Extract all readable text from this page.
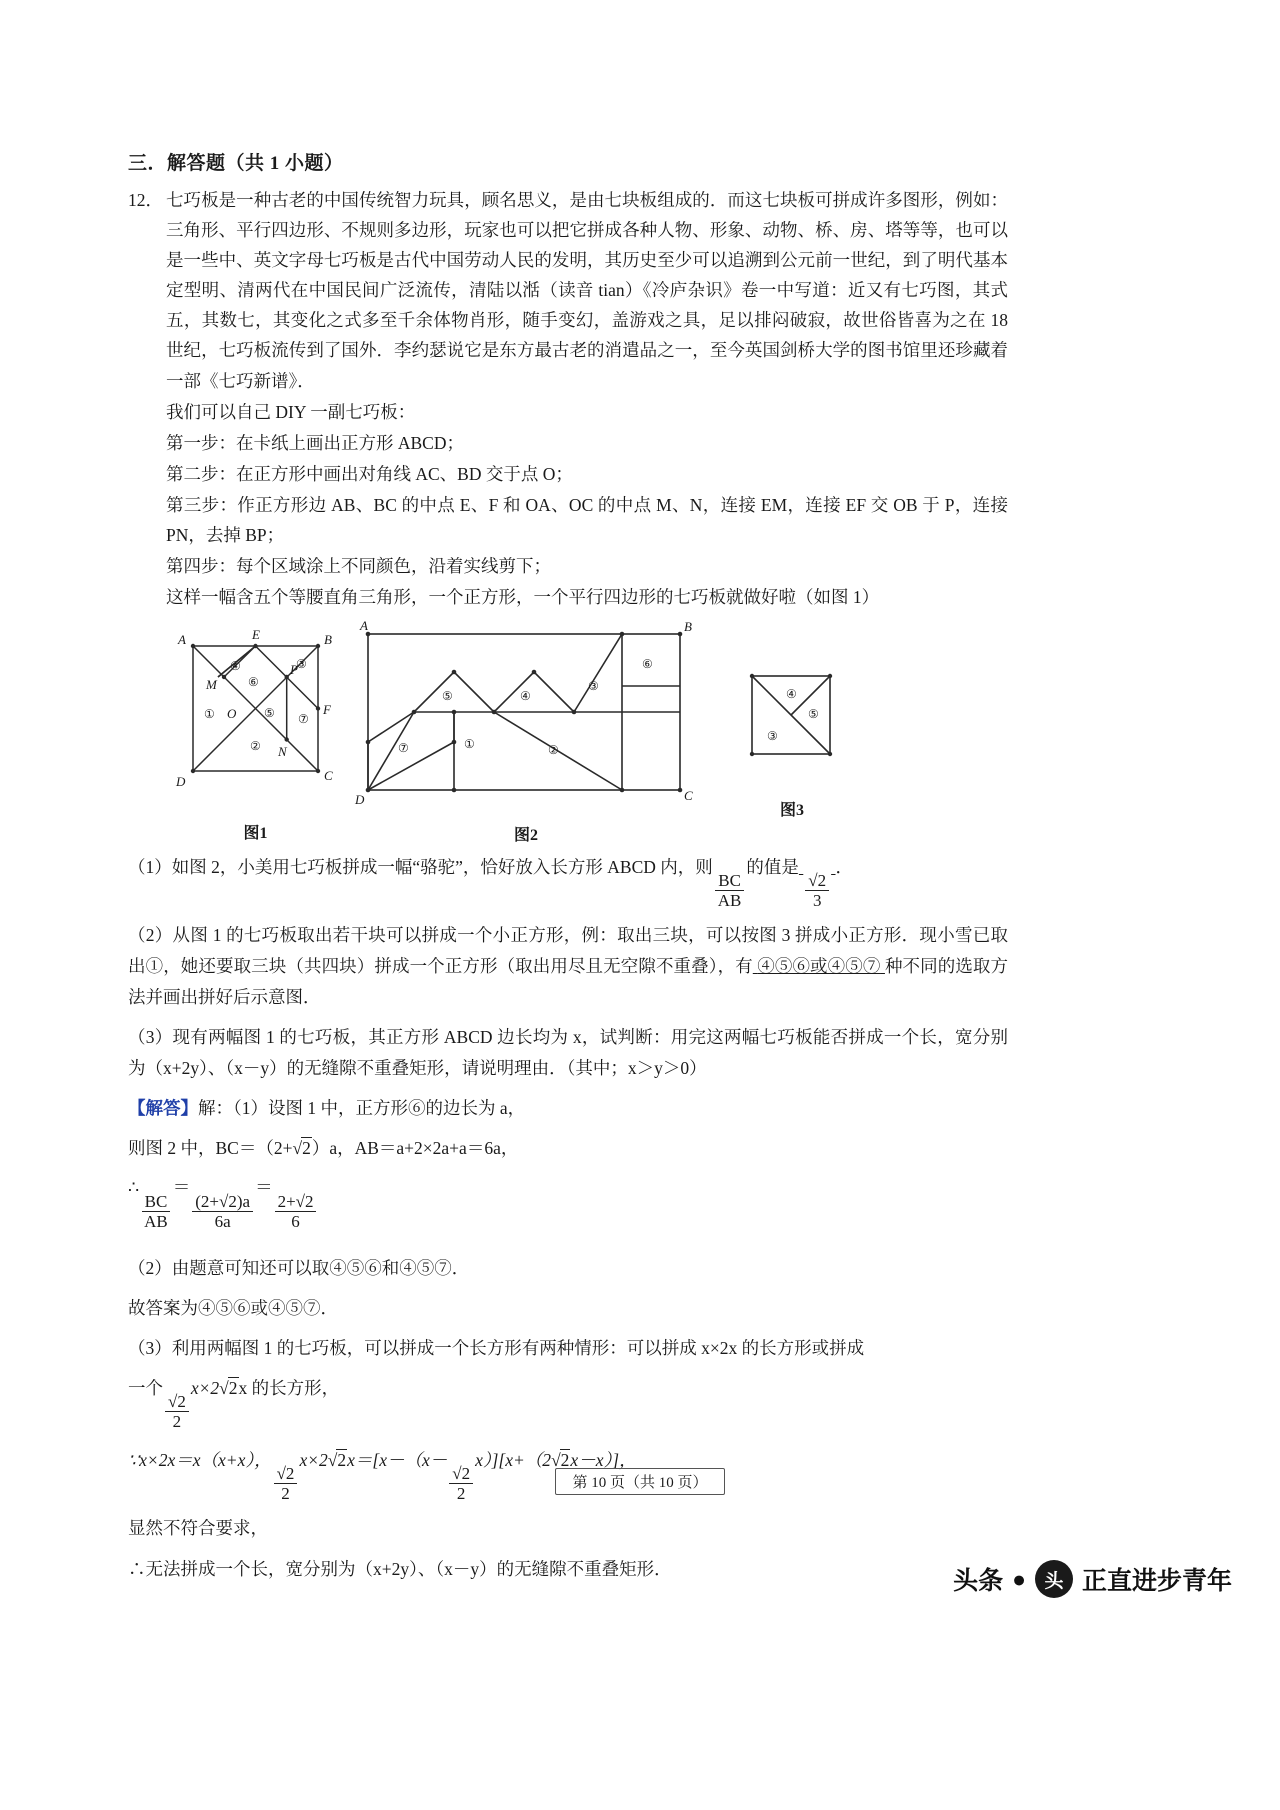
三．解答题（共 1 小题）
12． 七巧板是一种古老的中国传统智力玩具，顾名思义，是由七块板组成的．而这七块板可拼成许多图形，例如：三角形、平行四边形、不规则多边形，玩家也可以把它拼成各种人物、形象、动物、桥、房、塔等等，也可以是一些中、英文字母七巧板是古代中国劳动人民的发明，其历史至少可以追溯到公元前一世纪，到了明代基本定型明、清两代在中国民间广泛流传，清陆以湉（读音 tian）《冷庐杂识》卷一中写道：近又有七巧图，其式五，其数七，其变化之式多至千余体物肖形，随手变幻，盖游戏之具，足以排闷破寂，故世俗皆喜为之在 18 世纪，七巧板流传到了国外．李约瑟说它是东方最古老的消遣品之一，至今英国剑桥大学的图书馆里还珍藏着一部《七巧新谱》．
我们可以自己 DIY 一副七巧板：
第一步：在卡纸上画出正方形 ABCD；
第二步：在正方形中画出对角线 AC、BD 交于点 O；
第三步：作正方形边 AB、BC 的中点 E、F 和 OA、OC 的中点 M、N，连接 EM，连接 EF 交 OB 于 P，连接 PN，去掉 BP；
第四步：每个区域涂上不同颜色，沿着实线剪下；
这样一幅含五个等腰直角三角形，一个正方形，一个平行四边形的七巧板就做好啦（如图 1）
A	B
C
D
E
F
M
P
O
N
①
②
③
④
⑤
⑥
⑦
图1
A	B
C
D
①	②
③
④
⑤
⑥
⑦
图2
③
④
⑤
图3
（1）如图 2，小美用七巧板拼成一幅“骆驼”，恰好放入长方形 ABCD 内，则
$\frac{BC}{AB}$
的值是
$\frac{√2}{3}$
．
（2）从图 1 的七巧板取出若干块可以拼成一个小正方形，例：取出三块，可以按图 3 拼成小正方形．现小雪已取出①，她还要取三块（共四块）拼成一个正方形（取出用尽且无空隙不重叠），有 ④⑤⑥或④⑤⑦ 种不同的选取方法并画出拼好后示意图．
（3）现有两幅图 1 的七巧板，其正方形 ABCD 边长均为 x，试判断：用完这两幅七巧板能否拼成一个长，宽分别为（x+2y）、（x－y）的无缝隙不重叠矩形，请说明理由．（其中；x＞y＞0）
【解答】解：（1）设图 1 中，正方形⑥的边长为 a，
则图 2 中，BC＝（2+√2）a，AB＝a+2×2a+a＝6a，
∴
$\frac{BC}{AB}$
＝
$\frac{(2+√2)a}{6a}$
＝
$\frac{2+√2}{6}$
（2）由题意可知还可以取④⑤⑥和④⑤⑦．
故答案为④⑤⑥或④⑤⑦．
（3）利用两幅图 1 的七巧板，可以拼成一个长方形有两种情形：可以拼成 x×2x 的长方形或拼成
一个
$\frac{√2}{2}$
x×2√2x 的长方形，
∵x×2x＝x（x+x），
$\frac{√2}{2}$
x×2√2x＝[x－（x－
$\frac{√2}{2}$
x）][x+（2√2x－x）]，
显然不符合要求，
∴无法拼成一个长，宽分别为（x+2y）、（x－y）的无缝隙不重叠矩形．
第 10 页（共 10 页）
头条 ● 头 正直进步青年
